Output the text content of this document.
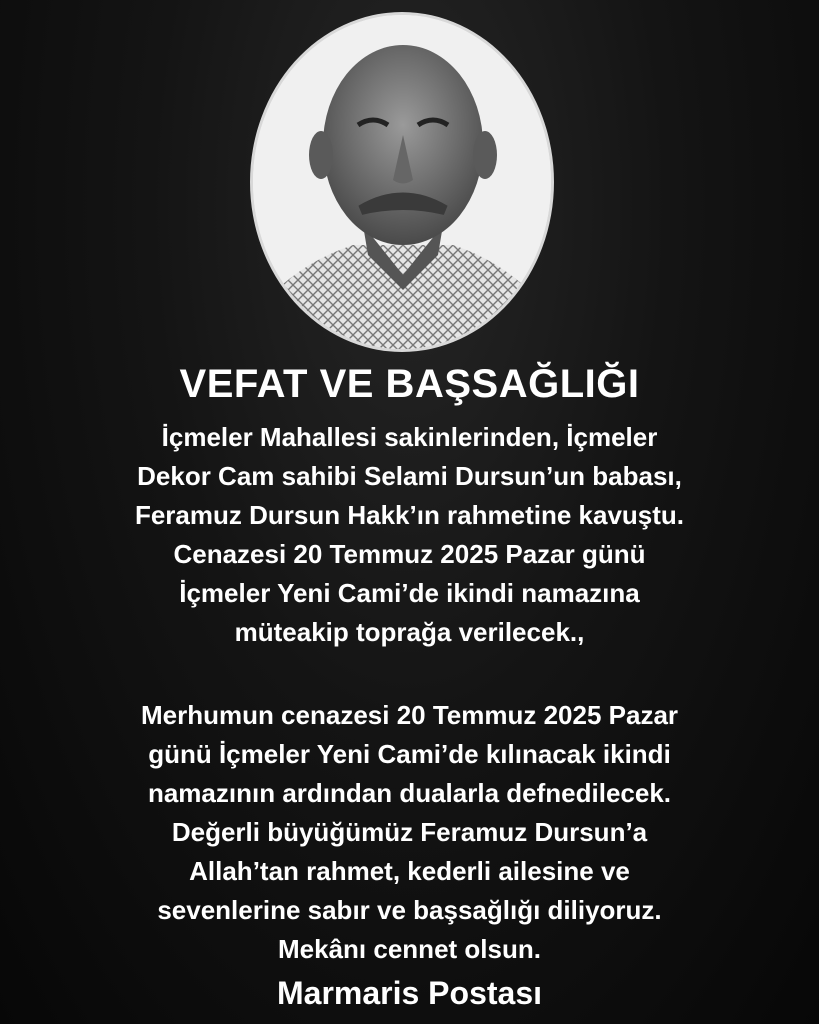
VEFAT VE BAŞSAĞLIĞI
İçmeler Mahallesi sakinlerinden, İçmeler
Dekor Cam sahibi Selami Dursun’un babası,
Feramuz Dursun Hakk’ın rahmetine kavuştu.
Cenazesi 20 Temmuz 2025 Pazar günü
İçmeler Yeni Cami’de ikindi namazına
müteakip toprağa verilecek.,
Merhumun cenazesi 20 Temmuz 2025 Pazar
günü İçmeler Yeni Cami’de kılınacak ikindi
namazının ardından dualarla defnedilecek.
Değerli büyüğümüz Feramuz Dursun’a
Allah’tan rahmet, kederli ailesine ve
sevenlerine sabır ve başsağlığı diliyoruz.
Mekânı cennet olsun.
Marmaris Postası
